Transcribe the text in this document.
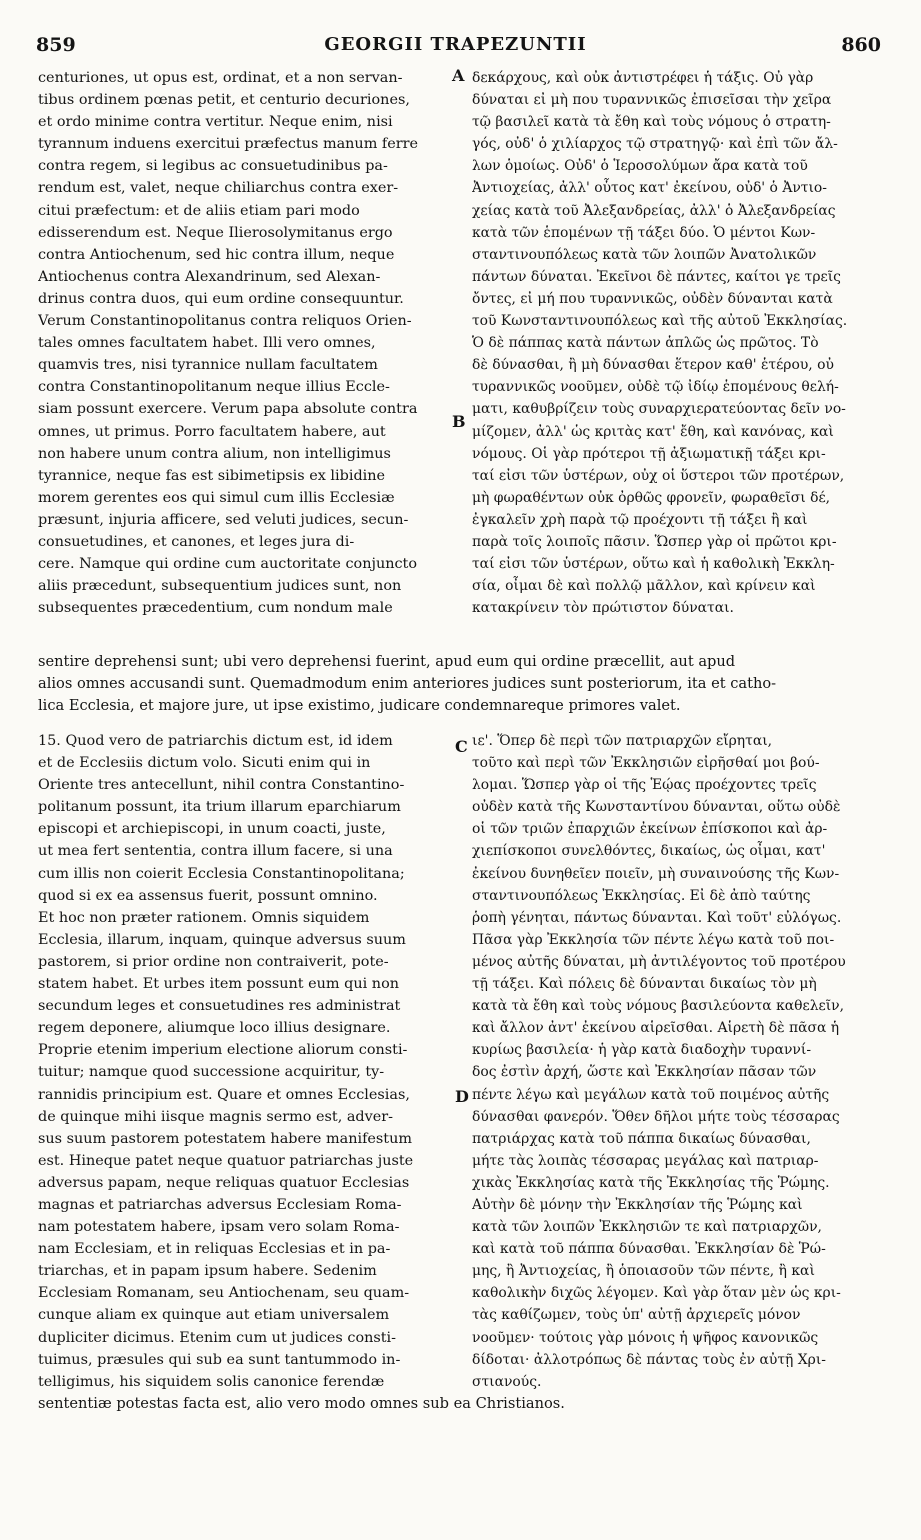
859	GEORGII TRAPEZUNTII	860
A
B
C
D
centuriones, ut opus est, ordinat, et a non servan-
tibus ordinem pœnas petit, et centurio decuriones,
et ordo minime contra vertitur. Neque enim, nisi
tyrannum induens exercitui præfectus manum ferre
contra regem, si legibus ac consuetudinibus pa-
rendum est, valet, neque chiliarchus contra exer-
citui præfectum: et de aliis etiam pari modo
edisserendum est. Neque Ilierosolymitanus ergo
contra Antiochenum, sed hic contra illum, neque
Antiochenus contra Alexandrinum, sed Alexan-
drinus contra duos, qui eum ordine consequuntur.
Verum Constantinopolitanus contra reliquos Orien-
tales omnes facultatem habet. Illi vero omnes,
quamvis tres, nisi tyrannice nullam facultatem
contra Constantinopolitanum neque illius Eccle-
siam possunt exercere. Verum papa absolute contra
omnes, ut primus. Porro facultatem habere, aut
non habere unum contra alium, non intelligimus
tyrannice, neque fas est sibimetipsis ex libidine
morem gerentes eos qui simul cum illis Ecclesiæ
præsunt, injuria afficere, sed veluti judices, secun-
consuetudines, et canones, et leges jura di-
cere. Namque qui ordine cum auctoritate conjuncto
aliis præcedunt, subsequentium judices sunt, non
subsequentes præcedentium, cum nondum male
δεκάρχους, καὶ οὐκ ἀντιστρέφει ἡ τάξις. Οὐ γὰρ
δύναται εἰ μὴ που τυραννικῶς ἐπισεῖσαι τὴν χεῖρα
τῷ βασιλεῖ κατὰ τὰ ἔθη καὶ τοὺς νόμους ὁ στρατη-
γός, οὐδ' ὁ χιλίαρχος τῷ στρατηγῷ· καὶ ἐπὶ τῶν ἄλ-
λων ὁμοίως. Οὐδ' ὁ Ἱεροσολύμων ἄρα κατὰ τοῦ
Ἀντιοχείας, ἀλλ' οὗτος κατ' ἐκείνου, οὐδ' ὁ Ἀντιο-
χείας κατὰ τοῦ Ἀλεξανδρείας, ἀλλ' ὁ Ἀλεξανδρείας
κατὰ τῶν ἑπομένων τῇ τάξει δύο. Ὁ μέντοι Κων-
σταντινουπόλεως κατὰ τῶν λοιπῶν Ἀνατολικῶν
πάντων δύναται. Ἐκεῖνοι δὲ πάντες, καίτοι γε τρεῖς
ὄντες, εἰ μή που τυραννικῶς, οὐδὲν δύνανται κατὰ
τοῦ Κωνσταντινουπόλεως καὶ τῆς αὐτοῦ Ἐκκλησίας.
Ὁ δὲ πάππας κατὰ πάντων ἁπλῶς ὡς πρῶτος. Τὸ
δὲ δύνασθαι, ἢ μὴ δύνασθαι ἕτερον καθ' ἑτέρου, οὐ
τυραννικῶς νοοῦμεν, οὐδὲ τῷ ἰδίῳ ἑπομένους θελή-
ματι, καθυβρίζειν τοὺς συναρχιερατεύοντας δεῖν νο-
μίζομεν, ἀλλ' ὡς κριτὰς κατ' ἔθη, καὶ κανόνας, καὶ
νόμους. Οἱ γὰρ πρότεροι τῇ ἀξιωματικῇ τάξει κρι-
ταί εἰσι τῶν ὑστέρων, οὐχ οἱ ὕστεροι τῶν προτέρων,
μὴ φωραθέντων οὐκ ὀρθῶς φρονεῖν, φωραθεῖσι δέ,
ἐγκαλεῖν χρὴ παρὰ τῷ προέχοντι τῇ τάξει ἢ καὶ
παρὰ τοῖς λοιποῖς πᾶσιν. Ὥσπερ γὰρ οἱ πρῶτοι κρι-
ταί εἰσι τῶν ὑστέρων, οὕτω καὶ ἡ καθολικὴ Ἐκκλη-
σία, οἶμαι δὲ καὶ πολλῷ μᾶλλον, καὶ κρίνειν καὶ
κατακρίνειν τὸν πρώτιστον δύναται.
sentire deprehensi sunt; ubi vero deprehensi fuerint, apud eum qui ordine præcellit, aut apud
alios omnes accusandi sunt. Quemadmodum enim anteriores judices sunt posteriorum, ita et catho-
lica Ecclesia, et majore jure, ut ipse existimo, judicare condemnareque primores valet.
15. Quod vero de patriarchis dictum est, id idem
et de Ecclesiis dictum volo. Sicuti enim qui in
Oriente tres antecellunt, nihil contra Constantino-
politanum possunt, ita trium illarum eparchiarum
episcopi et archiepiscopi, in unum coacti, juste,
ut mea fert sententia, contra illum facere, si una
cum illis non coierit Ecclesia Constantinopolitana;
quod si ex ea assensus fuerit, possunt omnino.
Et hoc non præter rationem. Omnis siquidem
Ecclesia, illarum, inquam, quinque adversus suum
pastorem, si prior ordine non contraiverit, pote-
statem habet. Et urbes item possunt eum qui non
secundum leges et consuetudines res administrat
regem deponere, aliumque loco illius designare.
Proprie etenim imperium electione aliorum consti-
tuitur; namque quod successione acquiritur, ty-
rannidis principium est. Quare et omnes Ecclesias,
de quinque mihi iisque magnis sermo est, adver-
sus suum pastorem potestatem habere manifestum
est. Hineque patet neque quatuor patriarchas juste
adversus papam, neque reliquas quatuor Ecclesias
magnas et patriarchas adversus Ecclesiam Roma-
nam potestatem habere, ipsam vero solam Roma-
nam Ecclesiam, et in reliquas Ecclesias et in pa-
triarchas, et in papam ipsum habere. Sedenim
Ecclesiam Romanam, seu Antiochenam, seu quam-
cunque aliam ex quinque aut etiam universalem
dupliciter dicimus. Etenim cum ut judices consti-
tuimus, præsules qui sub ea sunt tantummodo in-
telligimus, his siquidem solis canonice ferendæ
ιε'. Ὅπερ δὲ περὶ τῶν πατριαρχῶν εἴρηται,
τοῦτο καὶ περὶ τῶν Ἐκκλησιῶν εἰρῆσθαί μοι βού-
λομαι. Ὥσπερ γὰρ οἱ τῆς Ἑῴας προέχοντες τρεῖς
οὐδὲν κατὰ τῆς Κωνσταντίνου δύνανται, οὕτω οὐδὲ
οἱ τῶν τριῶν ἐπαρχιῶν ἐκείνων ἐπίσκοποι καὶ ἀρ-
χιεπίσκοποι συνελθόντες, δικαίως, ὡς οἶμαι, κατ'
ἐκείνου δυνηθεῖεν ποιεῖν, μὴ συναινούσης τῆς Κων-
σταντινουπόλεως Ἐκκλησίας. Εἰ δὲ ἀπὸ ταύτης
ῥοπὴ γένηται, πάντως δύνανται. Καὶ τοῦτ' εὐλόγως.
Πᾶσα γὰρ Ἐκκλησία τῶν πέντε λέγω κατὰ τοῦ ποι-
μένος αὐτῆς δύναται, μὴ ἀντιλέγοντος τοῦ προτέρου
τῇ τάξει. Καὶ πόλεις δὲ δύνανται δικαίως τὸν μὴ
κατὰ τὰ ἔθη καὶ τοὺς νόμους βασιλεύοντα καθελεῖν,
καὶ ἄλλον ἀντ' ἐκείνου αἱρεῖσθαι. Αἱρετὴ δὲ πᾶσα ἡ
κυρίως βασιλεία· ἡ γὰρ κατὰ διαδοχὴν τυραννί-
δος ἐστὶν ἀρχή, ὥστε καὶ Ἐκκλησίαν πᾶσαν τῶν
πέντε λέγω καὶ μεγάλων κατὰ τοῦ ποιμένος αὐτῆς
δύνασθαι φανερόν. Ὅθεν δῆλοι μήτε τοὺς τέσσαρας
πατριάρχας κατὰ τοῦ πάππα δικαίως δύνασθαι,
μήτε τὰς λοιπὰς τέσσαρας μεγάλας καὶ πατριαρ-
χικὰς Ἐκκλησίας κατὰ τῆς Ἐκκλησίας τῆς Ῥώμης.
Αὐτὴν δὲ μόνην τὴν Ἐκκλησίαν τῆς Ῥώμης καὶ
κατὰ τῶν λοιπῶν Ἐκκλησιῶν τε καὶ πατριαρχῶν,
καὶ κατὰ τοῦ πάππα δύνασθαι. Ἐκκλησίαν δὲ Ῥώ-
μης, ἢ Ἀντιοχείας, ἢ ὁποιασοῦν τῶν πέντε, ἢ καὶ
καθολικὴν διχῶς λέγομεν. Καὶ γὰρ ὅταν μὲν ὡς κρι-
τὰς καθίζωμεν, τοὺς ὑπ' αὐτῇ ἀρχιερεῖς μόνον
νοοῦμεν· τούτοις γὰρ μόνοις ἡ ψῆφος κανονικῶς
δίδοται· ἀλλοτρόπως δὲ πάντας τοὺς ἐν αὐτῇ Χρι-
στιανούς.
sententiæ potestas facta est, alio vero modo omnes sub ea Christianos.
